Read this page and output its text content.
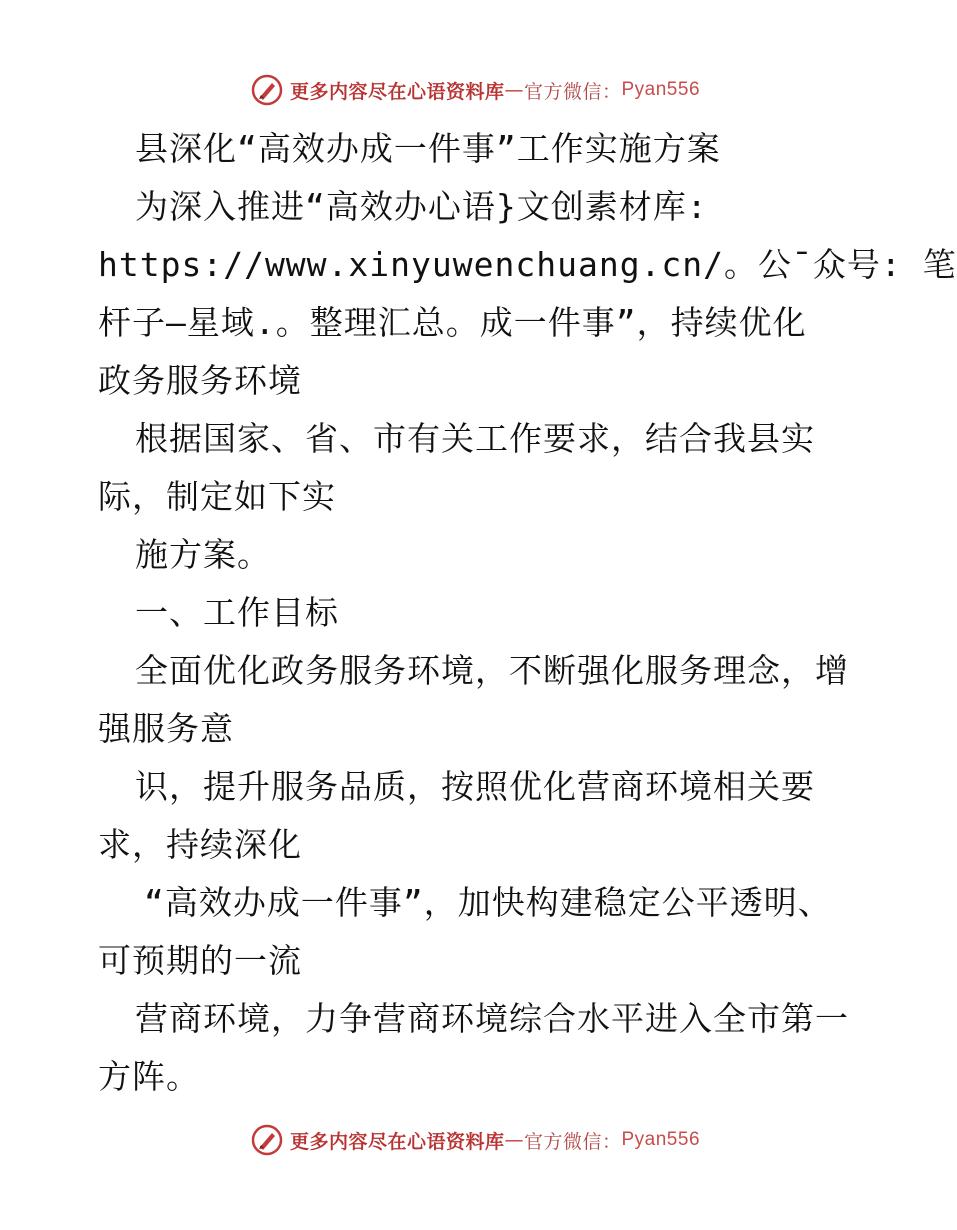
更多内容尽在心语资料库 — 官方微信： Pyan556
县深化“高效办成一件事”工作实施方案
为深入推进“高效办心语}文创素材库:
https://www.xinyuwenchuang.cn/。公¯众号: 笔
杆子—星域.。整理汇总。成一件事”，持续优化
政务服务环境
根据国家、省、市有关工作要求，结合我县实
际，制定如下实
施方案。
一、工作目标
全面优化政务服务环境，不断强化服务理念，增
强服务意
识，提升服务品质，按照优化营商环境相关要
求，持续深化
“高效办成一件事”，加快构建稳定公平透明、
可预期的一流
营商环境，力争营商环境综合水平进入全市第一
方阵。
更多内容尽在心语资料库 — 官方微信： Pyan556
